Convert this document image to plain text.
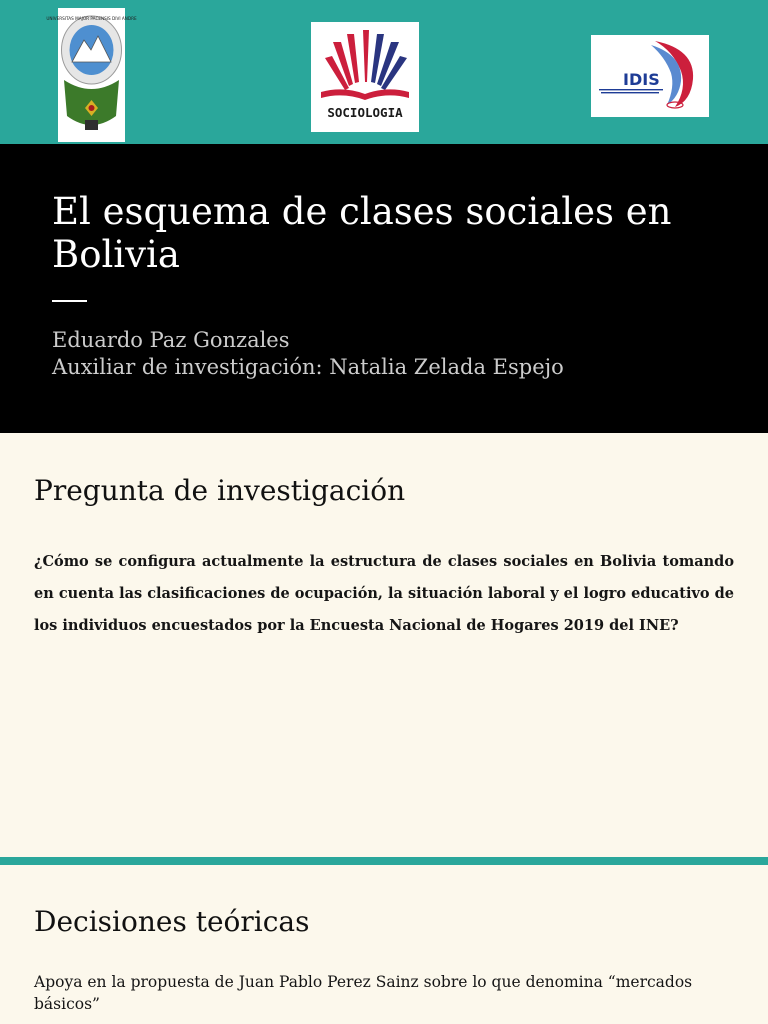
UNIVERSITAS MAJOR PACENSIS DIVI ANDRE
SOCIOLOGIA
IDIS
El esquema de clases sociales en Bolivia

Eduardo Paz Gonzales

Auxiliar de investigación: Natalia Zelada Espejo

Pregunta de investigación

¿Cómo se configura actualmente la estructura de clases sociales en Bolivia tomando en cuenta las clasificaciones de ocupación, la situación laboral y el logro educativo de los individuos encuestados por la Encuesta Nacional de Hogares 2019 del INE?

Decisiones teóricas

Apoya en la propuesta de Juan Pablo Perez Sainz sobre lo que denomina “mercados básicos”
